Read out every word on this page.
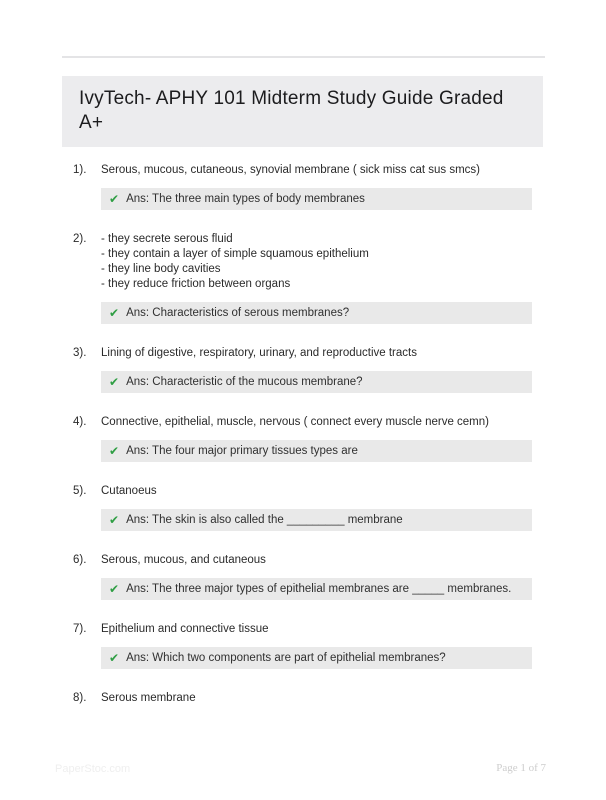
IvyTech- APHY 101 Midterm Study Guide Graded
A+
1).	Serous, mucous, cutaneous, synovial membrane ( sick miss cat sus smcs)
✔ Ans: The three main types of body membranes
2).	- they secrete serous fluid
- they contain a layer of simple squamous epithelium
- they line body cavities
- they reduce friction between organs
✔ Ans: Characteristics of serous membranes?
3).	Lining of digestive, respiratory, urinary, and reproductive tracts
✔ Ans: Characteristic of the mucous membrane?
4).	Connective, epithelial, muscle, nervous ( connect every muscle nerve cemn)
✔ Ans: The four major primary tissues types are
5).	Cutanoeus
✔ Ans: The skin is also called the _________ membrane
6).	Serous, mucous, and cutaneous
✔ Ans: The three major types of epithelial membranes are _____ membranes.
7).	Epithelium and connective tissue
✔ Ans: Which two components are part of epithelial membranes?
8).	Serous membrane
PaperStoc.com	Page 1 of 7
